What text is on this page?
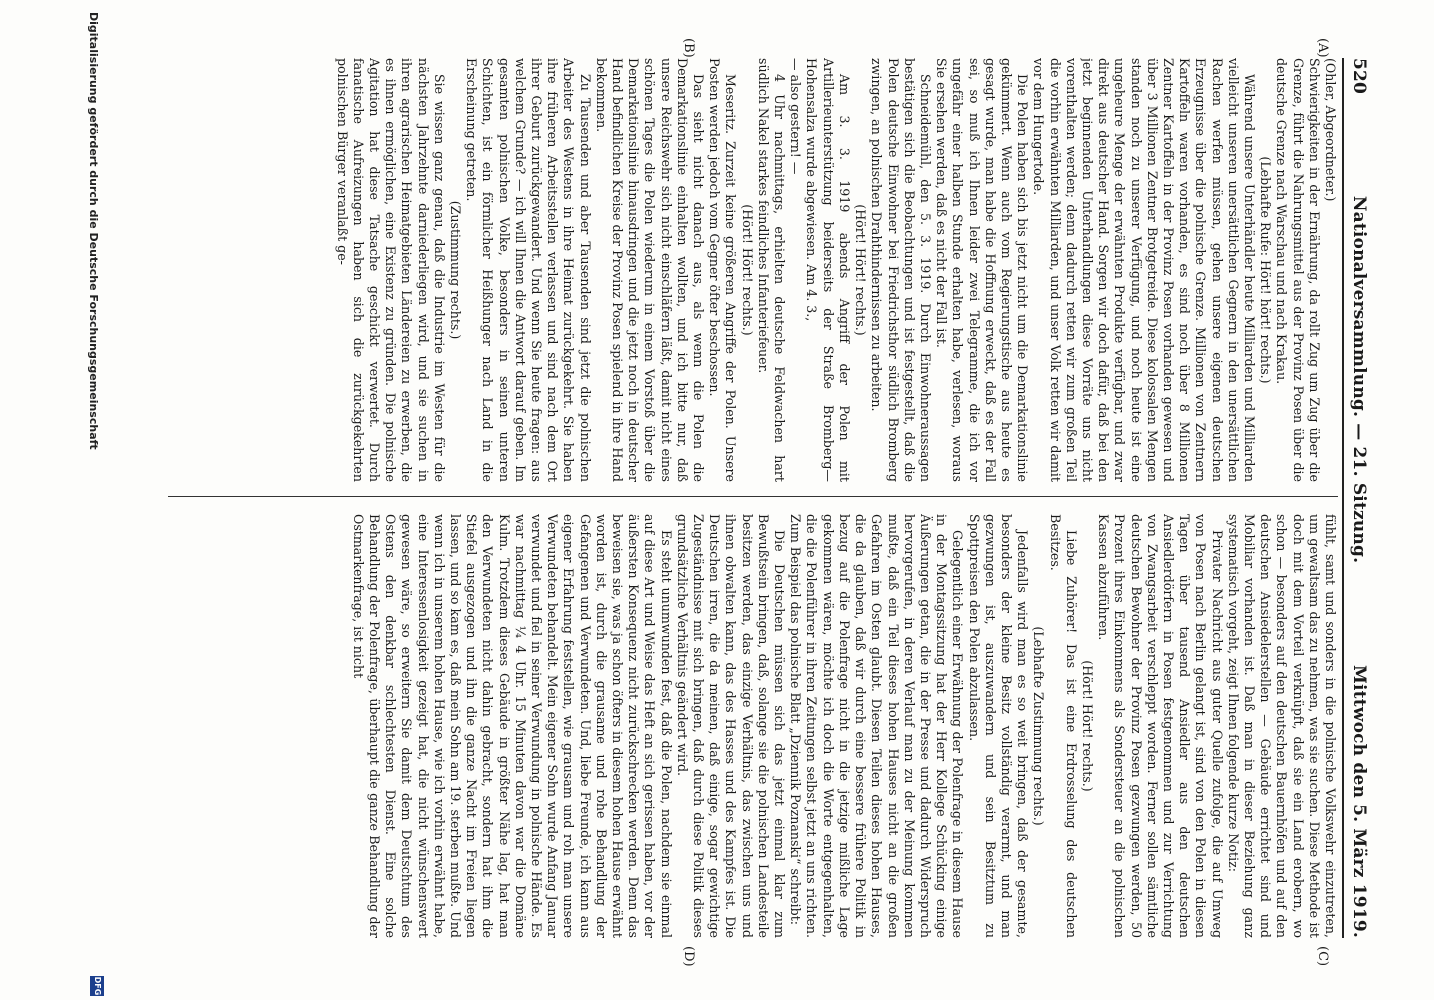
520
Nationalversammlung. — 21. Sitzung.
Mittwoch den 5. März 1919.
(A)
(B)
(C)
(D)

(Ohler, Abgeordneter.)

Schwierigkeiten in der Ernährung, da rollt Zug um Zug über die Grenze, führt die Nahrungsmittel aus der Provinz Posen über die deutsche Grenze nach Warschau und nach Krakau.

(Lebhafte Rufe: Hört! hört! rechts.)

Während unsere Unterhändler heute Milliarden und Milliarden vielleicht unseren unersättlichen Gegnern in den unersättlichen Rachen werfen müssen, gehen unsere eigenen deutschen Erzeugnisse über die polnische Grenze. Millionen von Zentnern Kartoffeln waren vorhanden, es sind noch über 8 Millionen Zentner Kartoffeln in der Provinz Posen vorhanden gewesen und über 3 Millionen Zentner Brotgetreide. Diese kolossalen Mengen standen noch zu unserer Verfügung, und noch heute ist eine ungeheure Menge der erwähnten Produkte verfügbar, und zwar direkt aus deutscher Hand. Sorgen wir doch dafür, daß bei den jetzt beginnenden Unterhandlungen diese Vorräte uns nicht vorenthalten werden; denn dadurch retten wir zum großen Teil die vorhin erwähnten Milliarden, und unser Volk retten wir damit vor dem Hungertode.

Die Polen haben sich bis jetzt nicht um die Demarkationslinie gekümmert. Wenn auch vom Regierungstische aus heute es gesagt wurde, man habe die Hoffnung erweckt, daß es der Fall sei, so muß ich Ihnen leider zwei Telegramme, die ich vor ungefähr einer halben Stunde erhalten habe, verlesen, woraus Sie ersehen werden, daß es nicht der Fall ist.

Schneidemühl, den 5. 3. 1919. Durch Einwohneraussagen bestätigen sich die Beobachtungen und ist festgestellt, daß die Polen deutsche Einwohner bei Friedrichsthor südlich Bromberg zwingen, an polnischen Drahthindernissen zu arbeiten.

(Hört! Hört! rechts.)

Am 3. 3. 1919 abends Angriff der Polen mit Artillerieunterstützung beiderseits der Straße Bromberg—Hohensalza wurde abgewiesen. Am 4. 3.,

— also gestern! —

4 Uhr nachmittags, erhielten deutsche Feldwachen hart südlich Nakel starkes feindliches Infanteriefeuer.

(Hört! Hört! rechts.)

Meseritz. Zurzeit keine größeren Angriffe der Polen. Unsere Posten werden jedoch vom Gegner öfter beschossen.

Das sieht nicht danach aus, als wenn die Polen die Demarkationslinie einhalten wollten, und ich bitte nur, daß unsere Reichswehr sich nicht einschläfern läßt, damit nicht eines schönen Tages die Polen wiederum in einem Vorstoß über die Demarkationslinie hinausdringen und die jetzt noch in deutscher Hand befindlichen Kreise der Provinz Posen spielend in ihre Hand bekommen.

Zu Tausenden und aber Tausenden sind jetzt die polnischen Arbeiter des Westens in ihre Heimat zurückgekehrt. Sie haben ihre früheren Arbeitsstellen verlassen und sind nach dem Ort ihrer Geburt zurückgewandert. Und wenn Sie heute fragen: aus welchem Grunde? — ich will Ihnen die Antwort darauf geben. Im gesamten polnischen Volke, besonders in seinen unteren Schichten, ist ein förmlicher Heißhunger nach Land in die Erscheinung getreten.

(Zustimmung rechts.)

Sie wissen ganz genau, daß die Industrie im Westen für die nächsten Jahrzehnte darniederliegen wird, und sie suchen in ihren agrarischen Heimatgebieten Ländereien zu erwerben, die es ihnen ermöglichen, eine Existenz zu gründen. Die polnische Agitation hat diese Tatsache geschickt verwertet. Durch fanatische Aufreizungen haben sich die zurückgekehrten polnischen Bürger veranlaßt ge-

fühlt, samt und sonders in die polnische Volkswehr einzutreten, um gewaltsam das zu nehmen, was sie suchen. Diese Methode ist doch mit dem Vorteil verknüpft, daß sie ein Land erobern, wo schon — besonders auf den deutschen Bauernhöfen und auf den deutschen Ansiedelerstellen — Gebäude errichtet sind und Mobiliar vorhanden ist. Daß man in dieser Beziehung ganz systematisch vorgeht, zeigt Ihnen folgende kurze Notiz:

Privater Nachricht aus guter Quelle zufolge, die auf Umweg von Posen nach Berlin gelangt ist, sind von den Polen in diesen Tagen über tausend Ansiedler aus den deutschen Ansiedlerdörfern in Posen festgenommen und zur Verrichtung von Zwangsarbeit verschleppt worden. Ferner sollen sämtliche deutschen Bewohner der Provinz Posen gezwungen werden, 50 Prozent ihres Einkommens als Sondersteuer an die polnischen Kassen abzuführen.

(Hört! Hört! rechts.)

Liebe Zuhörer! Das ist eine Erdrosselung des deutschen Besitzes.

(Lebhafte Zustimmung rechts.)

Jedenfalls wird man es so weit bringen, daß der gesamte, besonders der kleine Besitz vollständig verarmt, und man gezwungen ist, auszuwandern und sein Besitztum zu Spottpreisen den Polen abzulassen.

Gelegentlich einer Erwähnung der Polenfrage in diesem Hause in der Montagssitzung hat der Herr Kollege Schücking einige Äußerungen getan, die in der Presse und dadurch Widerspruch hervorgerufen, in deren Verlauf man zu der Meinung kommen mußte, daß ein Teil dieses hohen Hauses nicht an die großen Gefahren im Osten glaubt. Diesen Teilen dieses hohen Hauses, die da glauben, daß wir durch eine bessere frühere Politik in bezug auf die Polenfrage nicht in die jetzige mißliche Lage gekommen wären, möchte ich doch die Worte entgegenhalten, die die Polenführer in ihren Zeitungen selbst jetzt an uns richten. Zum Beispiel das polnische Blatt „Dziennik Poznanski“ schreibt:

Die Deutschen müssen sich das jetzt einmal klar zum Bewußtsein bringen, daß, solange sie die polnischen Landesteile besitzen werden, das einzige Verhältnis, das zwischen uns und ihnen obwalten kann, das des Hasses und des Kampfes ist. Die Deutschen irren, die da meinen, daß einige, sogar gewichtige Zugeständnisse mit sich bringen, daß durch diese Politik dieses grundsätzliche Verhältnis geändert wird.

Es steht unumwunden fest, daß die Polen, nachdem sie einmal auf diese Art und Weise das Heft an sich gerissen haben, vor der äußersten Konsequenz nicht zurückschrecken werden. Denn das beweisen sie, was ja schon öfters in diesem hohen Hause erwähnt worden ist, durch die grausame und rohe Behandlung der Gefangenen und Verwundeten. Und, liebe Freunde, ich kann aus eigener Erfahrung feststellen, wie grausam und roh man unsere Verwundeten behandelt. Mein eigener Sohn wurde Anfang Januar verwundet und fiel in seiner Verwundung in polnische Hände. Es war nachmittag ¼ 4 Uhr. 15 Minuten davon war die Domäne Kulm. Trotzdem dieses Gebäude in größter Nähe lag, hat man den Verwundeten nicht dahin gebracht, sondern hat ihm die Stiefel ausgezogen und ihn die ganze Nacht im Freien liegen lassen, und so kam es, daß mein Sohn am 19. sterben mußte. Und wenn ich in unserem hohen Hause, wie ich vorhin erwähnt habe, eine Interessenlosigkeit gezeigt hat, die nicht wünschenswert gewesen wäre, so erweitern Sie damit dem Deutschtum des Ostens den denkbar schlechtesten Dienst. Eine solche Behandlung der Polenfrage, überhaupt die ganze Behandlung der Ostmarkenfrage, ist nicht

Digitalisierung gefördert durch die Deutsche Forschungsgemeinschaft
DFG
